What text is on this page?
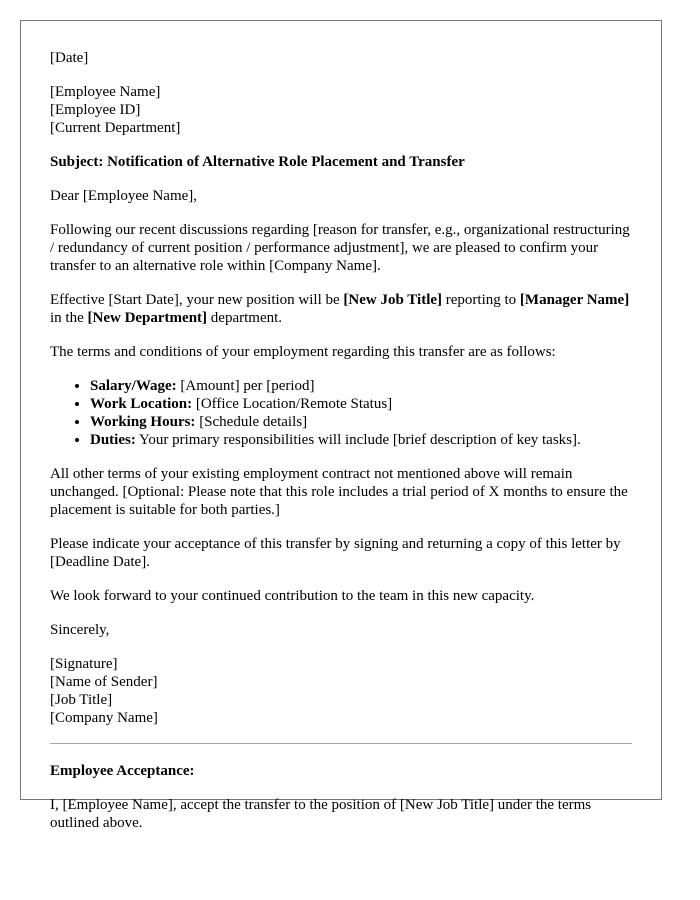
[Date]

[Employee Name]
[Employee ID]
[Current Department]

Subject: Notification of Alternative Role Placement and Transfer

Dear [Employee Name],

Following our recent discussions regarding [reason for transfer, e.g., organizational restructuring / redundancy of current position / performance adjustment], we are pleased to confirm your transfer to an alternative role within [Company Name].

Effective [Start Date], your new position will be [New Job Title] reporting to [Manager Name] in the [New Department] department.

The terms and conditions of your employment regarding this transfer are as follows:

• Salary/Wage: [Amount] per [period]
• Work Location: [Office Location/Remote Status]
• Working Hours: [Schedule details]
• Duties: Your primary responsibilities will include [brief description of key tasks].

All other terms of your existing employment contract not mentioned above will remain unchanged. [Optional: Please note that this role includes a trial period of X months to ensure the placement is suitable for both parties.]

Please indicate your acceptance of this transfer by signing and returning a copy of this letter by [Deadline Date].

We look forward to your continued contribution to the team in this new capacity.

Sincerely,

[Signature]
[Name of Sender]
[Job Title]
[Company Name]

Employee Acceptance:

I, [Employee Name], accept the transfer to the position of [New Job Title] under the terms outlined above.
